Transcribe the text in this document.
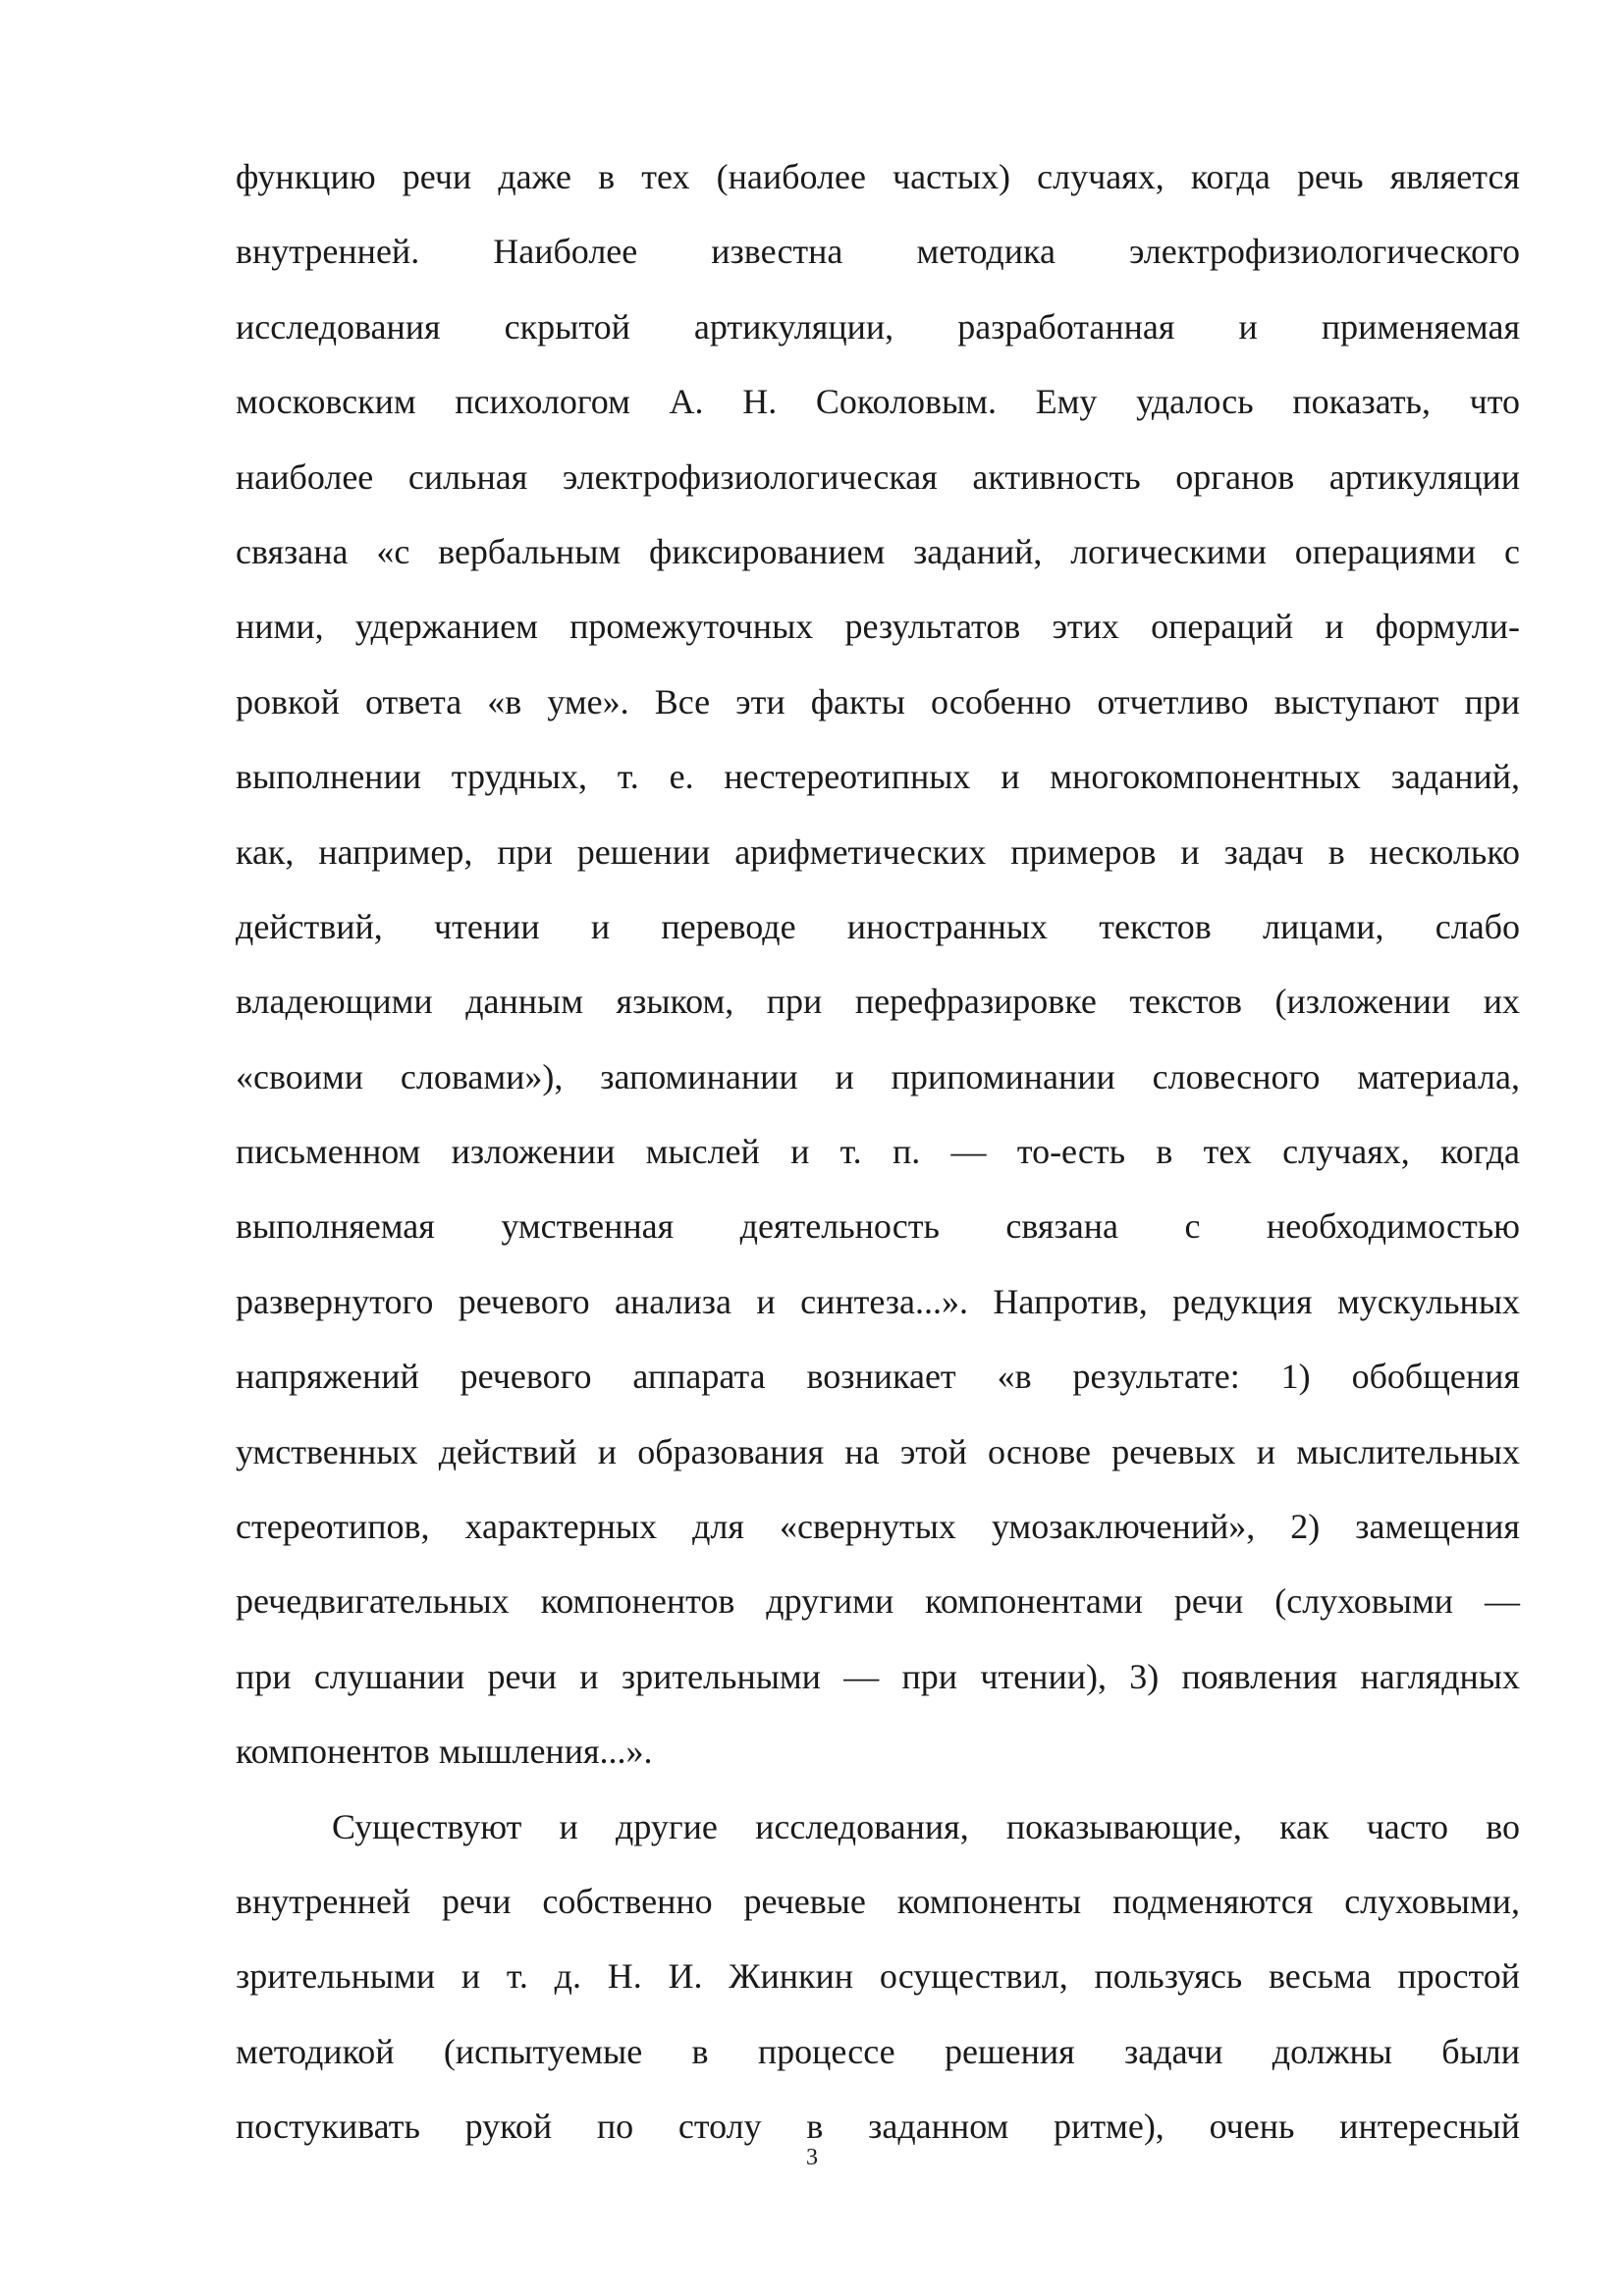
функцию речи даже в тех (наиболее частых) случаях, когда речь является
внутренней. Наиболее известна методика электрофизиологического
исследования скрытой артикуляции, разработанная и применяемая
московским психологом А. Н. Соколовым. Ему удалось показать, что
наиболее сильная электрофизиологическая активность органов артикуляции
связана «с вербальным фиксированием заданий, логическими операциями с
ними, удержанием промежуточных результатов этих операций и формули-
ровкой ответа «в уме». Все эти факты особенно отчетливо выступают при
выполнении трудных, т. е. нестереотипных и многокомпонентных заданий,
как, например, при решении арифметических примеров и задач в несколько
действий, чтении и переводе иностранных текстов лицами, слабо
владеющими данным языком, при перефразировке текстов (изложении их
«своими словами»), запоминании и припоминании словесного материала,
письменном изложении мыслей и т. п. — то-есть в тех случаях, когда
выполняемая умственная деятельность связана с необходимостью
развернутого речевого анализа и синтеза...». Напротив, редукция мускульных
напряжений речевого аппарата возникает «в результате: 1) обобщения
умственных действий и образования на этой основе речевых и мыслительных
стереотипов, характерных для «свернутых умозаключений», 2) замещения
речедвигательных компонентов другими компонентами речи (слуховыми —
при слушании речи и зрительными — при чтении), 3) появления наглядных
компонентов мышления...».
Существуют и другие исследования, показывающие, как часто во
внутренней речи собственно речевые компоненты подменяются слуховыми,
зрительными и т. д. Н. И. Жинкин осуществил, пользуясь весьма простой
методикой (испытуемые в процессе решения задачи должны были
постукивать рукой по столу в заданном ритме), очень интересный
3
